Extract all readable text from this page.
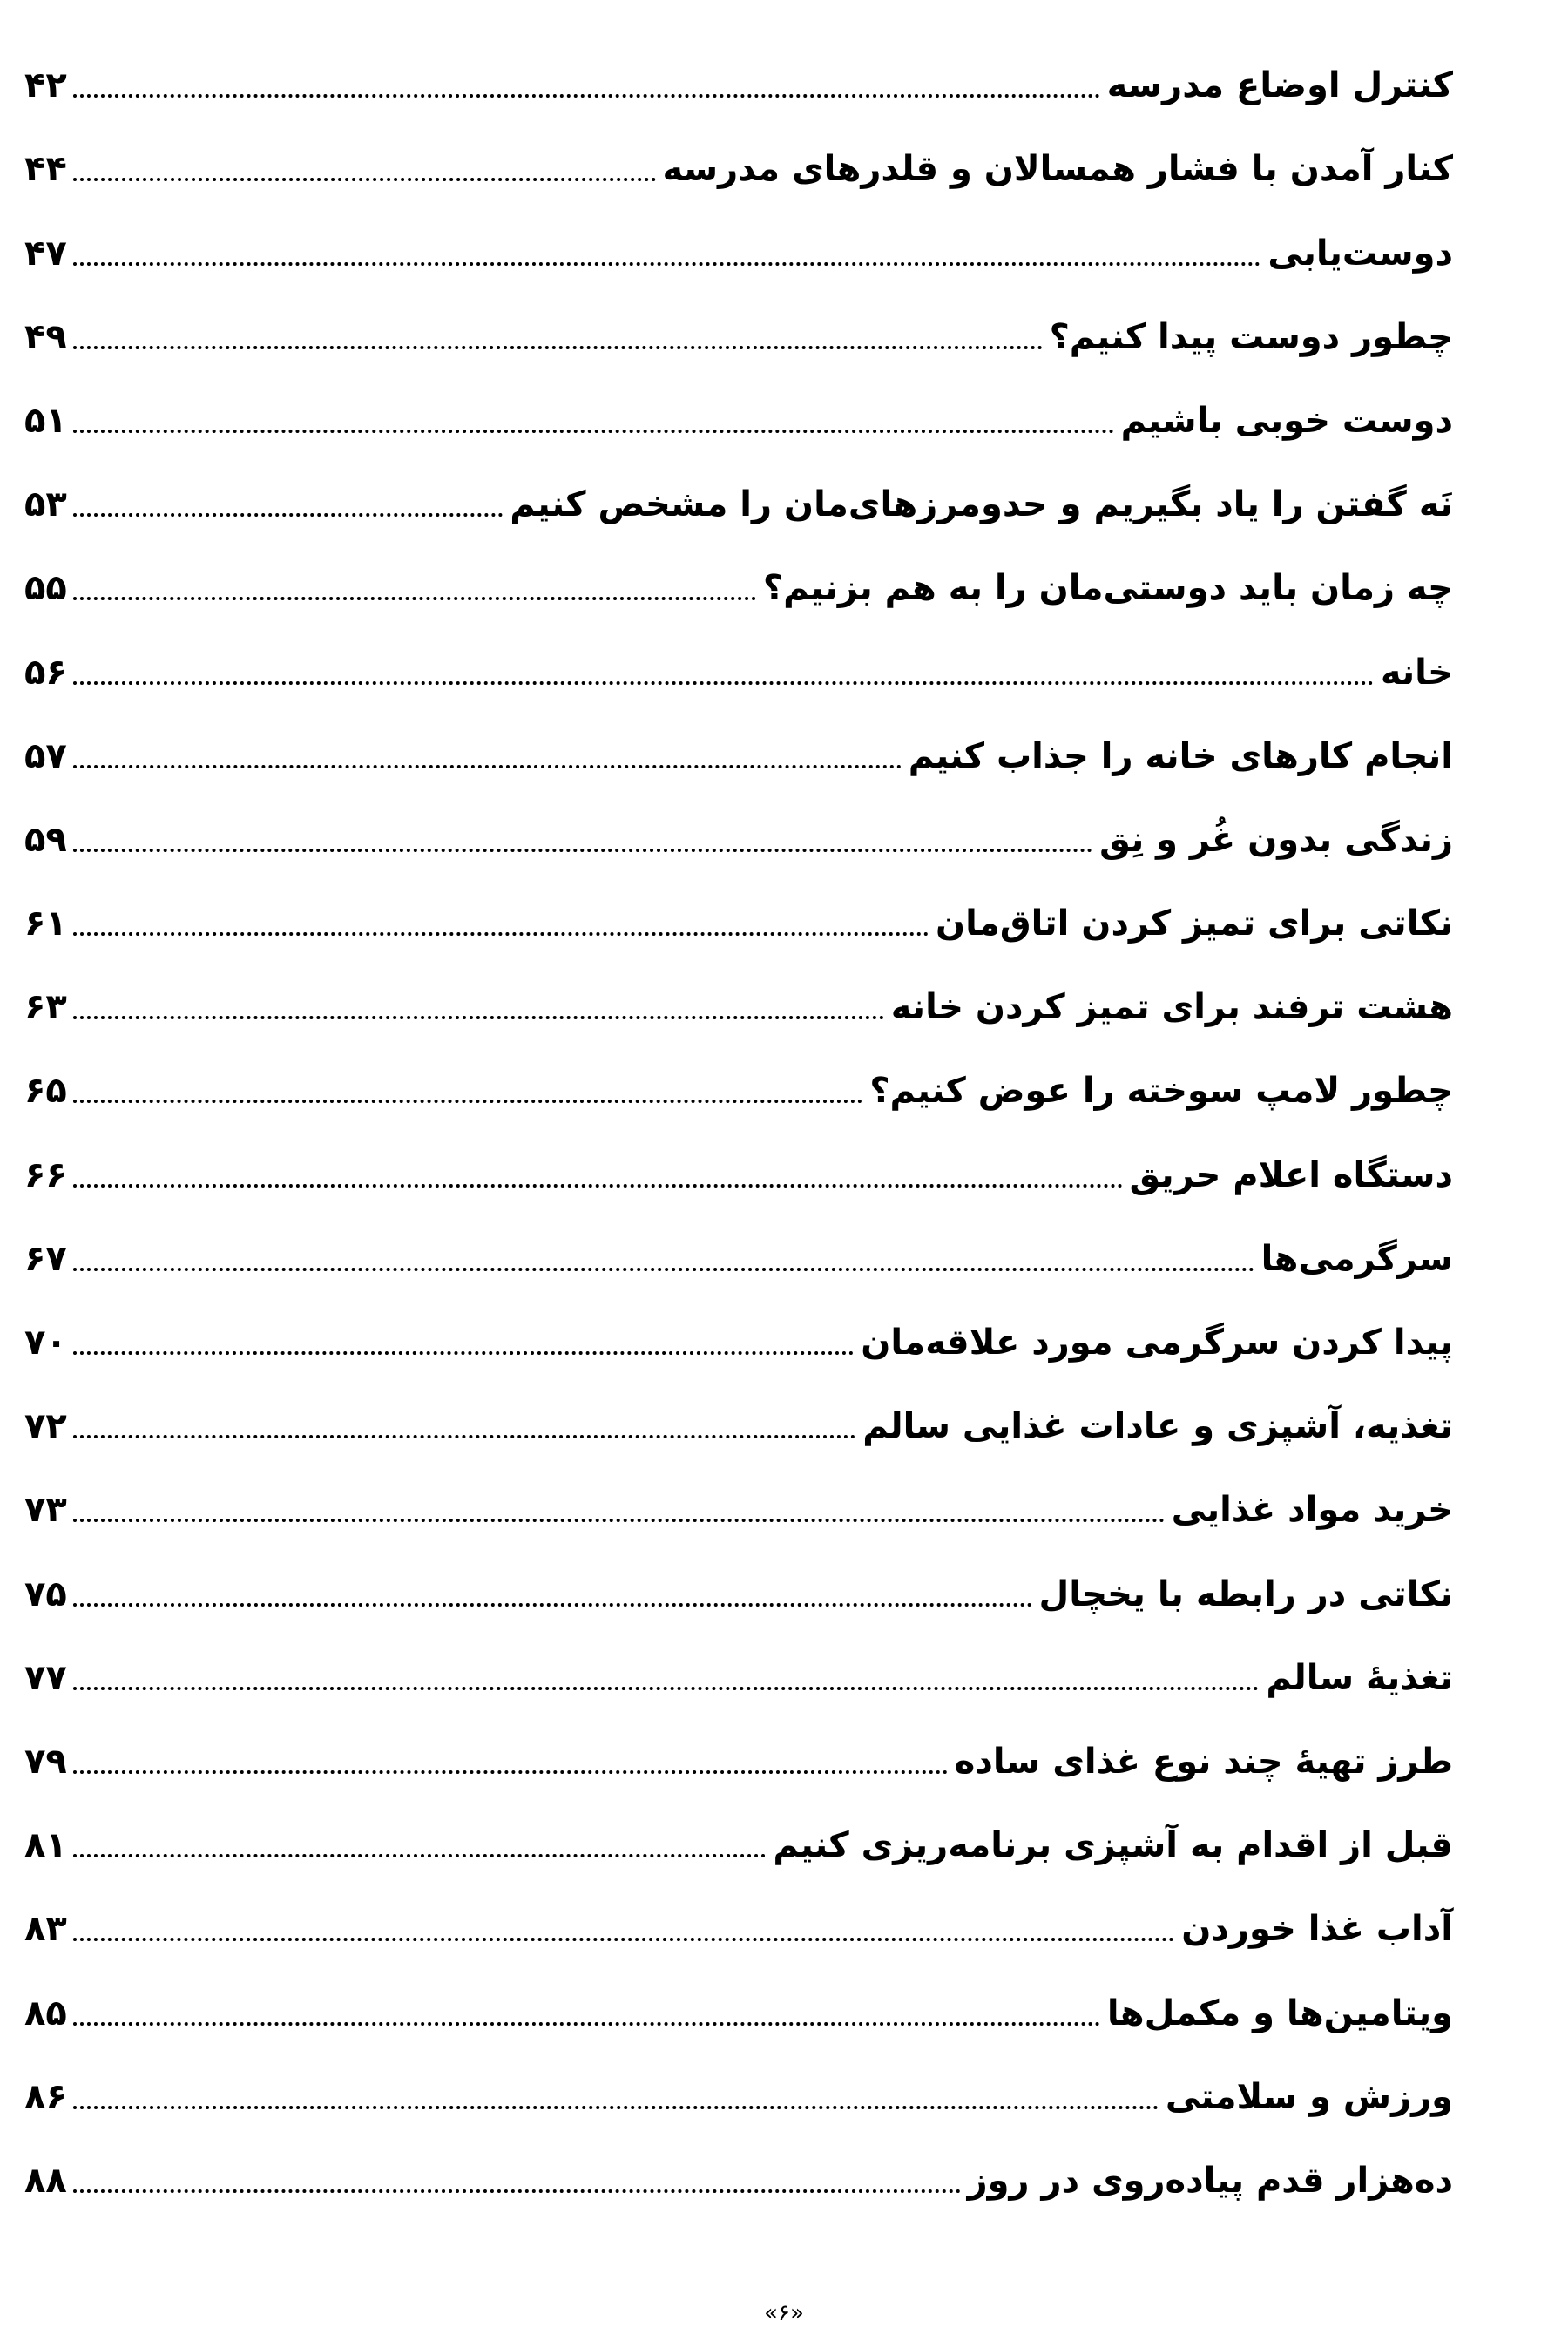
۴۲	کنترل اوضاع مدرسه
۴۴	کنار آمدن با فشار همسالان و قلدرهای مدرسه
۴۷	دوست‌یابی
۴۹	چطور دوست پیدا کنیم؟
۵۱	دوست خوبی باشیم
۵۳	نَه گفتن را یاد بگیریم و حدومرزهای‌مان را مشخص کنیم
۵۵	چه زمان باید دوستی‌مان را به هم بزنیم؟
۵۶	خانه
۵۷	انجام کارهای خانه را جذاب کنیم
۵۹	زندگی بدون غُر و نِق
۶۱	نکاتی برای تمیز کردن اتاق‌مان
۶۳	هشت ترفند برای تمیز کردن خانه
۶۵	چطور لامپ سوخته را عوض کنیم؟
۶۶	دستگاه اعلام حریق
۶۷	سرگرمی‌ها
۷۰	پیدا کردن سرگرمی مورد علاقه‌مان
۷۲	تغذیه، آشپزی و عادات غذایی سالم
۷۳	خرید مواد غذایی
۷۵	نکاتی در رابطه با یخچال
۷۷	تغذیهٔ سالم
۷۹	طرز تهیهٔ چند نوع غذای ساده
۸۱	قبل از اقدام به آشپزی برنامه‌ریزی کنیم
۸۳	آداب غذا خوردن
۸۵	ویتامین‌ها و مکمل‌ها
۸۶	ورزش و سلامتی
۸۸	ده‌هزار قدم پیاده‌روی در روز
«۶»
